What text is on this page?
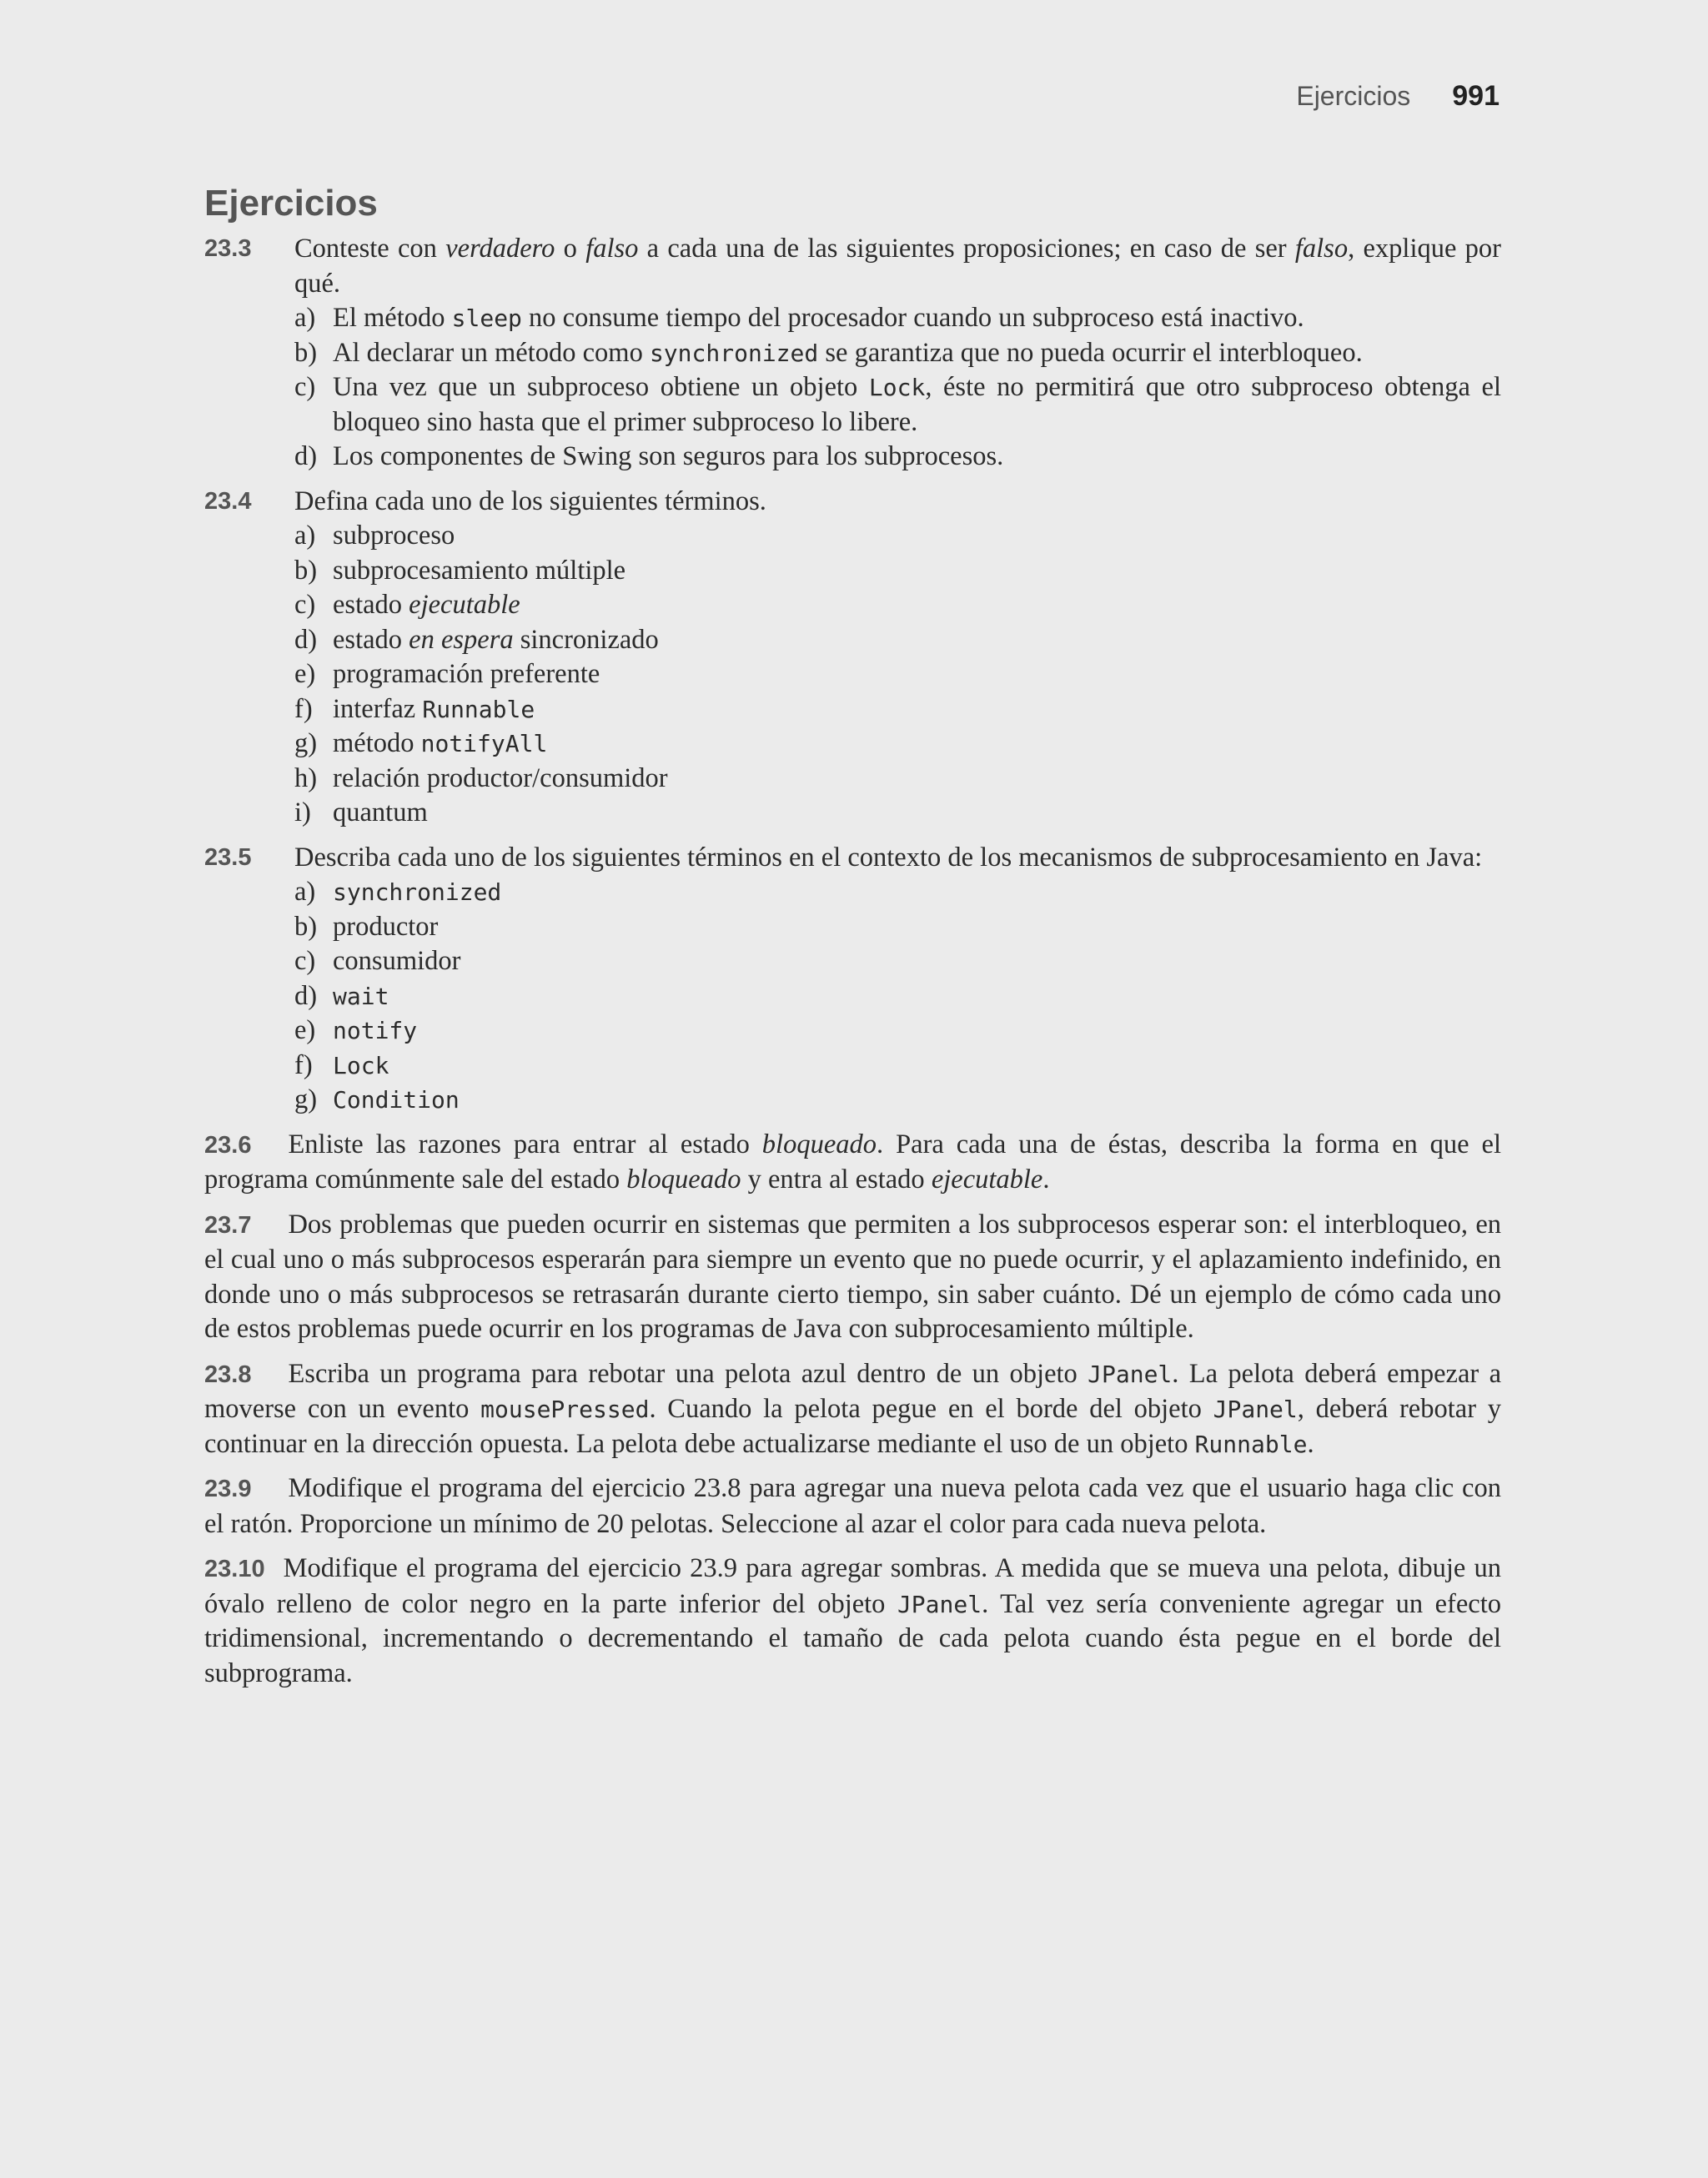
Ejercicios 991
Ejercicios
23.3	Conteste con verdadero o falso a cada una de las siguientes proposiciones; en caso de ser falso, explique por qué.
a) El método sleep no consume tiempo del procesador cuando un subproceso está inactivo.
b) Al declarar un método como synchronized se garantiza que no pueda ocurrir el interbloqueo.
c) Una vez que un subproceso obtiene un objeto Lock, éste no permitirá que otro subproceso obtenga el bloqueo sino hasta que el primer subproceso lo libere.
d) Los componentes de Swing son seguros para los subprocesos.
23.4	Defina cada uno de los siguientes términos.
a) subproceso
b) subprocesamiento múltiple
c) estado ejecutable
d) estado en espera sincronizado
e) programación preferente
f) interfaz Runnable
g) método notifyAll
h) relación productor/consumidor
i) quantum
23.5	Describa cada uno de los siguientes términos en el contexto de los mecanismos de subprocesamiento en Java:
a) synchronized
b) productor
c) consumidor
d) wait
e) notify
f) Lock
g) Condition
23.6 Enliste las razones para entrar al estado bloqueado. Para cada una de éstas, describa la forma en que el programa comúnmente sale del estado bloqueado y entra al estado ejecutable.
23.7 Dos problemas que pueden ocurrir en sistemas que permiten a los subprocesos esperar son: el interbloqueo, en el cual uno o más subprocesos esperarán para siempre un evento que no puede ocurrir, y el aplazamiento indefinido, en donde uno o más subprocesos se retrasarán durante cierto tiempo, sin saber cuánto. Dé un ejemplo de cómo cada uno de estos problemas puede ocurrir en los programas de Java con subprocesamiento múltiple.
23.8 Escriba un programa para rebotar una pelota azul dentro de un objeto JPanel. La pelota deberá empezar a moverse con un evento mousePressed. Cuando la pelota pegue en el borde del objeto JPanel, deberá rebotar y continuar en la dirección opuesta. La pelota debe actualizarse mediante el uso de un objeto Runnable.
23.9 Modifique el programa del ejercicio 23.8 para agregar una nueva pelota cada vez que el usuario haga clic con el ratón. Proporcione un mínimo de 20 pelotas. Seleccione al azar el color para cada nueva pelota.
23.10 Modifique el programa del ejercicio 23.9 para agregar sombras. A medida que se mueva una pelota, dibuje un óvalo relleno de color negro en la parte inferior del objeto JPanel. Tal vez sería conveniente agregar un efecto tridimensional, incrementando o decrementando el tamaño de cada pelota cuando ésta pegue en el borde del subprograma.
